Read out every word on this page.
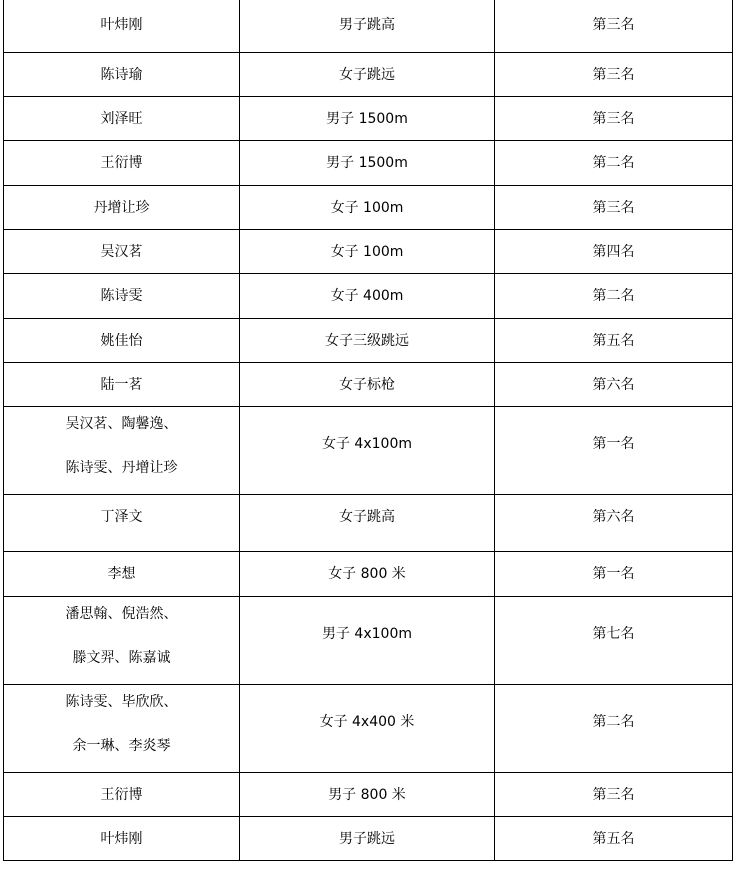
叶炜刚	男子跳高	第三名

陈诗瑜	女子跳远	第三名

刘泽旺	男子 1500m	第三名

王衍博	男子 1500m	第二名

丹增让珍	女子 100m	第三名

吴汉茗	女子 100m	第四名

陈诗雯	女子 400m	第二名

姚佳怡	女子三级跳远	第五名

陆一茗	女子标枪	第六名

吴汉茗、陶馨逸、
陈诗雯、丹增让珍	女子 4x100m	第一名

丁泽文	女子跳高	第六名

李想	女子 800 米	第一名

潘思翰、倪浩然、
滕文羿、陈嘉诚	男子 4x100m	第七名

陈诗雯、毕欣欣、
余一琳、李炎琴	女子 4x400 米	第二名

王衍博	男子 800 米	第三名

叶炜刚	男子跳远	第五名
